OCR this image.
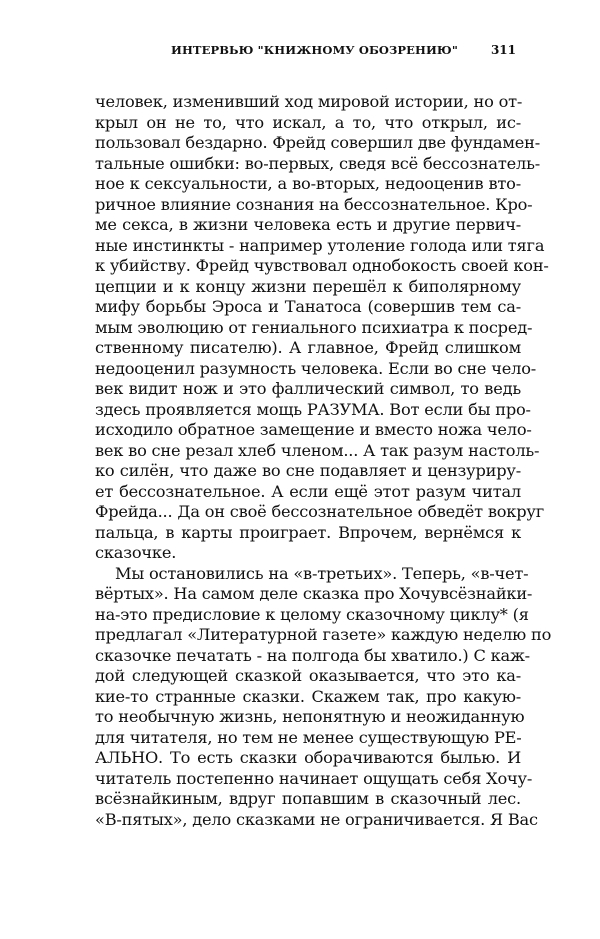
ИНТЕРВЬЮ "КНИЖНОМУ ОБОЗРЕНИЮ"	311
человек, изменивший ход мировой истории, но от-
крыл он не то, что искал, а то, что открыл, ис-
пользовал бездарно. Фрейд совершил две фундамен-
тальные ошибки: во-первых, сведя всё бессознатель-
ное к сексуальности, а во-вторых, недооценив вто-
ричное влияние сознания на бессознательное. Кро-
ме секса, в жизни человека есть и другие первич-
ные инстинкты - например утоление голода или тяга
к убийству. Фрейд чувствовал однобокость своей кон-
цепции и к концу жизни перешёл к биполярному
мифу борьбы Эроса и Танатоса (совершив тем са-
мым эволюцию от гениального психиатра к посред-
ственному писателю). А главное, Фрейд слишком
недооценил разумность человека. Если во сне чело-
век видит нож и это фаллический символ, то ведь
здесь проявляется мощь РАЗУМА. Вот если бы про-
исходило обратное замещение и вместо ножа чело-
век во сне резал хлеб членом... А так разум настоль-
ко силён, что даже во сне подавляет и цензуриру-
ет бессознательное. А если ещё этот разум читал
Фрейда... Да он своё бессознательное обведёт вокруг
пальца, в карты проиграет. Впрочем, вернёмся к
сказочке.
Мы остановились на «в-третьих». Теперь, «в-чет-
вёртых». На самом деле сказка про Хочувсёзнайки-
на-это предисловие к целому сказочному циклу* (я
предлагал «Литературной газете» каждую неделю по
сказочке печатать - на полгода бы хватило.) С каж-
дой следующей сказкой оказывается, что это ка-
кие-то странные сказки. Скажем так, про какую-
то необычную жизнь, непонятную и неожиданную
для читателя, но тем не менее существующую РЕ-
АЛЬНО. То есть сказки оборачиваются былью. И
читатель постепенно начинает ощущать себя Хочу-
всёзнайкиным, вдруг попавшим в сказочный лес.
«В-пятых», дело сказками не ограничивается. Я Вас
